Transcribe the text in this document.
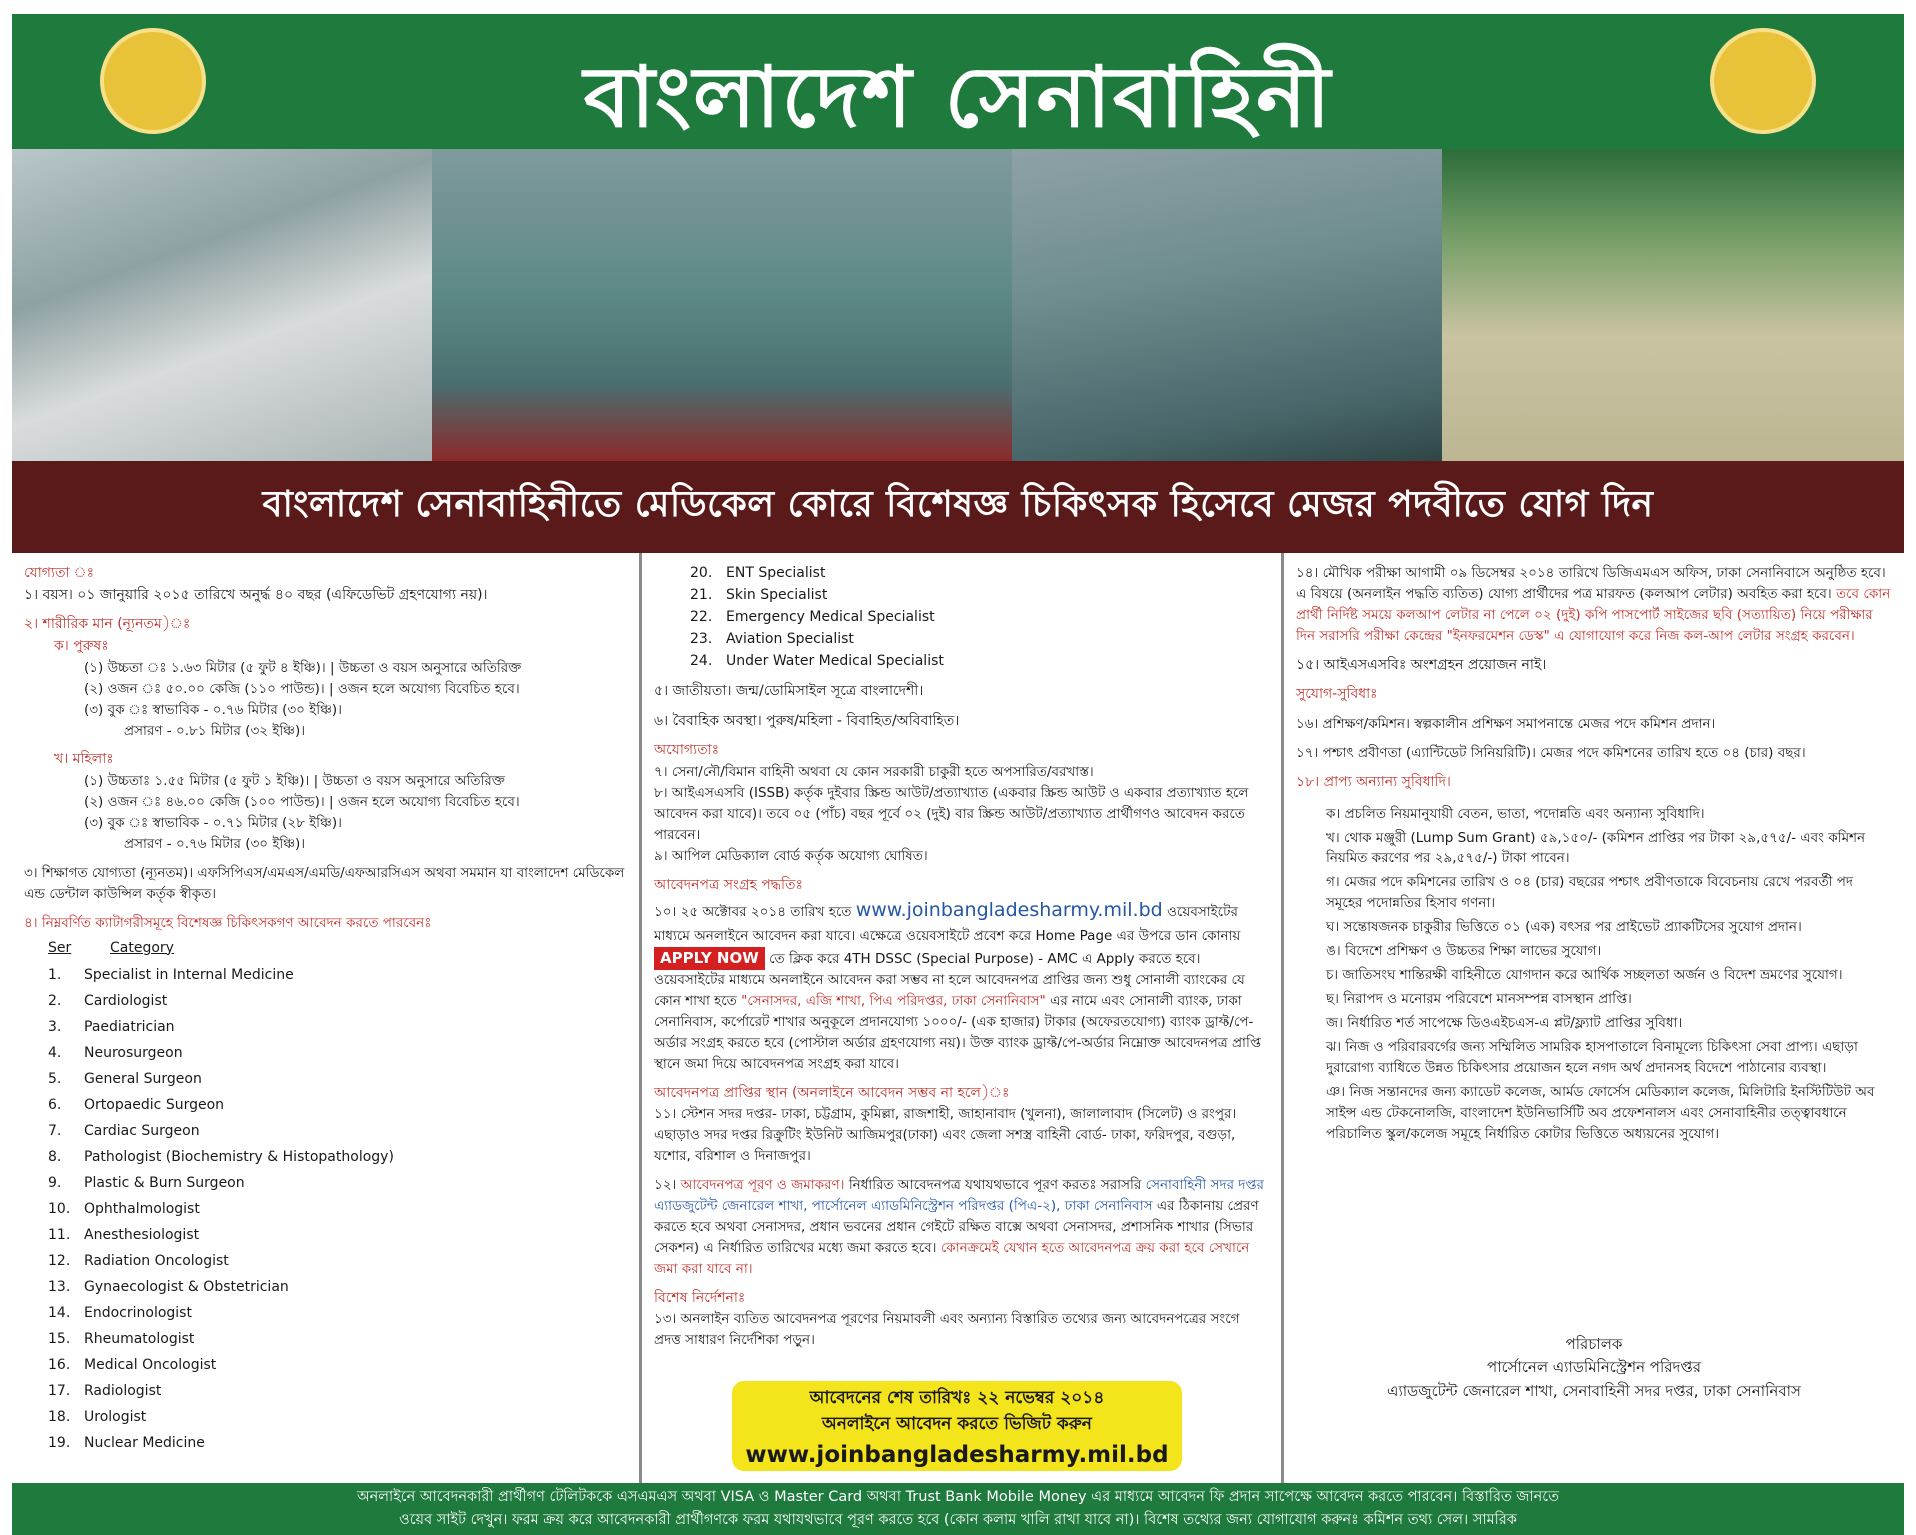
বাংলাদেশ সেনাবাহিনী
বাংলাদেশ সেনাবাহিনীতে মেডিকেল কোরে বিশেষজ্ঞ চিকিৎসক হিসেবে মেজর পদবীতে যোগ দিন
যোগ্যতা ঃ
১। বয়স। ০১ জানুয়ারি ২০১৫ তারিখে অনুর্দ্ধ ৪০ বছর (এফিডেভিট গ্রহণযোগ্য নয়)।
২। শারীরিক মান (ন্যূনতম)ঃ
ক। পুরুষঃ
(১) উচ্চতা ঃ ১.৬৩ মিটার (৫ ফুট ৪ ইঞ্চি)। | উচ্চতা ও বয়স অনুসারে অতিরিক্ত
(২) ওজন ঃ ৫০.০০ কেজি (১১০ পাউন্ড)। | ওজন হলে অযোগ্য বিবেচিত হবে।
(৩) বুক ঃ স্বাভাবিক - ০.৭৬ মিটার (৩০ ইঞ্চি)।
প্রসারণ - ০.৮১ মিটার (৩২ ইঞ্চি)।
খ। মহিলাঃ
(১) উচ্চতাঃ ১.৫৫ মিটার (৫ ফুট ১ ইঞ্চি)। | উচ্চতা ও বয়স অনুসারে অতিরিক্ত
(২) ওজন ঃ ৪৬.০০ কেজি (১০০ পাউন্ড)। | ওজন হলে অযোগ্য বিবেচিত হবে।
(৩) বুক ঃ স্বাভাবিক - ০.৭১ মিটার (২৮ ইঞ্চি)।
প্রসারণ - ০.৭৬ মিটার (৩০ ইঞ্চি)।
৩। শিক্ষাগত যোগ্যতা (ন্যূনতম)। এফসিপিএস/এমএস/এমডি/এফআরসিএস অথবা সমমান যা বাংলাদেশ মেডিকেল এন্ড ডেন্টাল কাউন্সিল কর্তৃক স্বীকৃত।
৪। নিম্নবর্ণিত ক্যাটাগরীসমূহে বিশেষজ্ঞ চিকিৎসকগণ আবেদন করতে পারবেনঃ
Ser	Category
1.	Specialist in Internal Medicine
2.	Cardiologist
3.	Paediatrician
4.	Neurosurgeon
5.	General Surgeon
6.	Ortopaedic Surgeon
7.	Cardiac Surgeon
8.	Pathologist (Biochemistry & Histopathology)
9.	Plastic & Burn Surgeon
10. Ophthalmologist
11. Anesthesiologist
12. Radiation Oncologist
13. Gynaecologist & Obstetrician
14. Endocrinologist
15. Rheumatologist
16. Medical Oncologist
17. Radiologist
18. Urologist
19. Nuclear Medicine
20. ENT Specialist
21. Skin Specialist
22. Emergency Medical Specialist
23. Aviation Specialist
24. Under Water Medical Specialist
৫। জাতীয়তা। জন্ম/ডোমিসাইল সূত্রে বাংলাদেশী।
৬। বৈবাহিক অবস্থা। পুরুষ/মহিলা - বিবাহিত/অবিবাহিত।
অযোগ্যতাঃ
৭। সেনা/নৌ/বিমান বাহিনী অথবা যে কোন সরকারী চাকুরী হতে অপসারিত/বরখাস্ত।
৮। আইএসএসবি (ISSB) কর্তৃক দুইবার স্ক্রিন্ড আউট/প্রত্যাখ্যাত (একবার স্ক্রিন্ড আউট ও একবার প্রত্যাখ্যাত হলে আবেদন করা যাবে)। তবে ০৫ (পাঁচ) বছর পূর্বে ০২ (দুই) বার স্ক্রিন্ড আউট/প্রত্যাখ্যাত প্রার্থীগণও আবেদন করতে পারবেন।
৯। আপিল মেডিক্যাল বোর্ড কর্তৃক অযোগ্য ঘোষিত।
আবেদনপত্র সংগ্রহ পদ্ধতিঃ
১০। ২৫ অক্টোবর ২০১৪ তারিখ হতে www.joinbangladesharmy.mil.bd ওয়েবসাইটের মাধ্যমে অনলাইনে আবেদন করা যাবে। এক্ষেত্রে ওয়েবসাইটে প্রবেশ করে Home Page এর উপরে ডান কোনায় APPLY NOW তে ক্লিক করে 4TH DSSC (Special Purpose) - AMC এ Apply করতে হবে। ওয়েবসাইটের মাধ্যমে অনলাইনে আবেদন করা সম্ভব না হলে আবেদনপত্র প্রাপ্তির জন্য শুধু সোনালী ব্যাংকের যে কোন শাখা হতে "সেনাসদর, এজি শাখা, পিএ পরিদপ্তর, ঢাকা সেনানিবাস" এর নামে এবং সোনালী ব্যাংক, ঢাকা সেনানিবাস, কর্পোরেট শাখার অনুকূলে প্রদানযোগ্য ১০০০/- (এক হাজার) টাকার (অফেরতযোগ্য) ব্যাংক ড্রাফ্ট/পে-অর্ডার সংগ্রহ করতে হবে (পোস্টাল অর্ডার গ্রহণযোগ্য নয়)। উক্ত ব্যাংক ড্রাফ্ট/পে-অর্ডার নিম্নোক্ত আবেদনপত্র প্রাপ্তি স্থানে জমা দিয়ে আবেদনপত্র সংগ্রহ করা যাবে।
আবেদনপত্র প্রাপ্তির স্থান (অনলাইনে আবেদন সম্ভব না হলে)ঃ
১১। স্টেশন সদর দপ্তর- ঢাকা, চট্টগ্রাম, কুমিল্লা, রাজশাহী, জাহানাবাদ (খুলনা), জালালাবাদ (সিলেট) ও রংপুর। এছাড়াও সদর দপ্তর রিক্রুটিং ইউনিট আজিমপুর(ঢাকা) এবং জেলা সশস্ত্র বাহিনী বোর্ড- ঢাকা, ফরিদপুর, বগুড়া, যশোর, বরিশাল ও দিনাজপুর।
১২। আবেদনপত্র পূরণ ও জমাকরণ। নির্ধারিত আবেদনপত্র যথাযথভাবে পূরণ করতঃ সরাসরি সেনাবাহিনী সদর দপ্তর এ্যাডজুটেন্ট জেনারেল শাখা, পার্সোনেল এ্যাডমিনিস্ট্রেশন পরিদপ্তর (পিএ-২), ঢাকা সেনানিবাস এর ঠিকানায় প্রেরণ করতে হবে অথবা সেনাসদর, প্রধান ভবনের প্রধান গেইটে রক্ষিত বাক্সে অথবা সেনাসদর, প্রশাসনিক শাখার (সিভার সেকশন) এ নির্ধারিত তারিখের মধ্যে জমা করতে হবে। কোনক্রমেই যেখান হতে আবেদনপত্র ক্রয় করা হবে সেখানে জমা করা যাবে না।
বিশেষ নির্দেশনাঃ
১৩। অনলাইন ব্যতিত আবেদনপত্র পূরণের নিয়মাবলী এবং অন্যান্য বিস্তারিত তথ্যের জন্য আবেদনপত্রের সংগে প্রদত্ত সাধারণ নির্দেশিকা পড়ুন।
আবেদনের শেষ তারিখঃ ২২ নভেম্বর ২০১৪
অনলাইনে আবেদন করতে ভিজিট করুন
www.joinbangladesharmy.mil.bd
১৪। মৌখিক পরীক্ষা আগামী ০৯ ডিসেম্বর ২০১৪ তারিখে ডিজিএমএস অফিস, ঢাকা সেনানিবাসে অনুষ্ঠিত হবে। এ বিষয়ে (অনলাইন পদ্ধতি ব্যতিত) যোগ্য প্রার্থীদের পত্র মারফত (কলআপ লেটার) অবহিত করা হবে। তবে কোন প্রার্থী নির্দিষ্ট সময়ে কলআপ লেটার না পেলে ০২ (দুই) কপি পাসপোর্ট সাইজের ছবি (সত্যায়িত) নিয়ে পরীক্ষার দিন সরাসরি পরীক্ষা কেন্দ্রের "ইনফরমেশন ডেস্ক" এ যোগাযোগ করে নিজ কল-আপ লেটার সংগ্রহ করবেন।
১৫। আইএসএসবিঃ অংশগ্রহন প্রয়োজন নাই।
সুযোগ-সুবিধাঃ
১৬। প্রশিক্ষণ/কমিশন। স্বল্পকালীন প্রশিক্ষণ সমাপনান্তে মেজর পদে কমিশন প্রদান।
১৭। পশ্চাৎ প্রবীণতা (এ্যান্টিডেট সিনিয়রিটি)। মেজর পদে কমিশনের তারিখ হতে ০৪ (চার) বছর।
১৮। প্রাপ্য অন্যান্য সুবিধাদি।
ক। প্রচলিত নিয়মানুযায়ী বেতন, ভাতা, পদোন্নতি এবং অন্যান্য সুবিধাদি।
খ। থোক মঞ্জুরী (Lump Sum Grant) ৫৯,১৫০/- (কমিশন প্রাপ্তির পর টাকা ২৯,৫৭৫/- এবং কমিশন নিয়মিত করণের পর ২৯,৫৭৫/-) টাকা পাবেন।
গ। মেজর পদে কমিশনের তারিখ ও ০৪ (চার) বছরের পশ্চাৎ প্রবীণতাকে বিবেচনায় রেখে পরবর্তী পদ সমূহের পদোন্নতির হিসাব গণনা।
ঘ। সন্তোষজনক চাকুরীর ভিত্তিতে ০১ (এক) বৎসর পর প্রাইভেট প্র্যাকটিসের সুযোগ প্রদান।
ঙ। বিদেশে প্রশিক্ষণ ও উচ্চতর শিক্ষা লাভের সুযোগ।
চ। জাতিসংঘ শান্তিরক্ষী বাহিনীতে যোগদান করে আর্থিক সচ্ছলতা অর্জন ও বিদেশ ভ্রমণের সুযোগ।
ছ। নিরাপদ ও মনোরম পরিবেশে মানসম্পন্ন বাসস্থান প্রাপ্তি।
জ। নির্ধারিত শর্ত সাপেক্ষে ডিওএইচএস-এ প্লট/ফ্ল্যাট প্রাপ্তির সুবিধা।
ঝ। নিজ ও পরিবারবর্গের জন্য সম্মিলিত সামরিক হাসপাতালে বিনামূল্যে চিকিৎসা সেবা প্রাপ্য। এছাড়া দুরারোগ্য ব্যাধিতে উন্নত চিকিৎসার প্রয়োজন হলে নগদ অর্থ প্রদানসহ বিদেশে পাঠানোর ব্যবস্থা।
ঞ। নিজ সন্তানদের জন্য ক্যাডেট কলেজ, আর্মড ফোর্সেস মেডিক্যাল কলেজ, মিলিটারি ইনস্টিটিউট অব সাইন্স এন্ড টেকনোলজি, বাংলাদেশ ইউনিভার্সিটি অব প্রফেশনালস এবং সেনাবাহিনীর তত্ত্বাবধানে পরিচালিত স্কুল/কলেজ সমূহে নির্ধারিত কোটার ভিত্তিতে অধ্যয়নের সুযোগ।
পরিচালক
পার্সোনেল এ্যাডমিনিস্ট্রেশন পরিদপ্তর
এ্যাডজুটেন্ট জেনারেল শাখা, সেনাবাহিনী সদর দপ্তর, ঢাকা সেনানিবাস
অনলাইনে আবেদনকারী প্রার্থীগণ টেলিটককে এসএমএস অথবা VISA ও Master Card অথবা Trust Bank Mobile Money এর মাধ্যমে আবেদন ফি প্রদান সাপেক্ষে আবেদন করতে পারবেন। বিস্তারিত জানতে
ওয়েব সাইট দেখুন। ফরম ক্রয় করে আবেদনকারী প্রার্থীগণকে ফরম যথাযথভাবে পূরণ করতে হবে (কোন কলাম খালি রাখা যাবে না)। বিশেষ তথ্যের জন্য যোগাযোগ করুনঃ কমিশন তথ্য সেল। সামরিক
